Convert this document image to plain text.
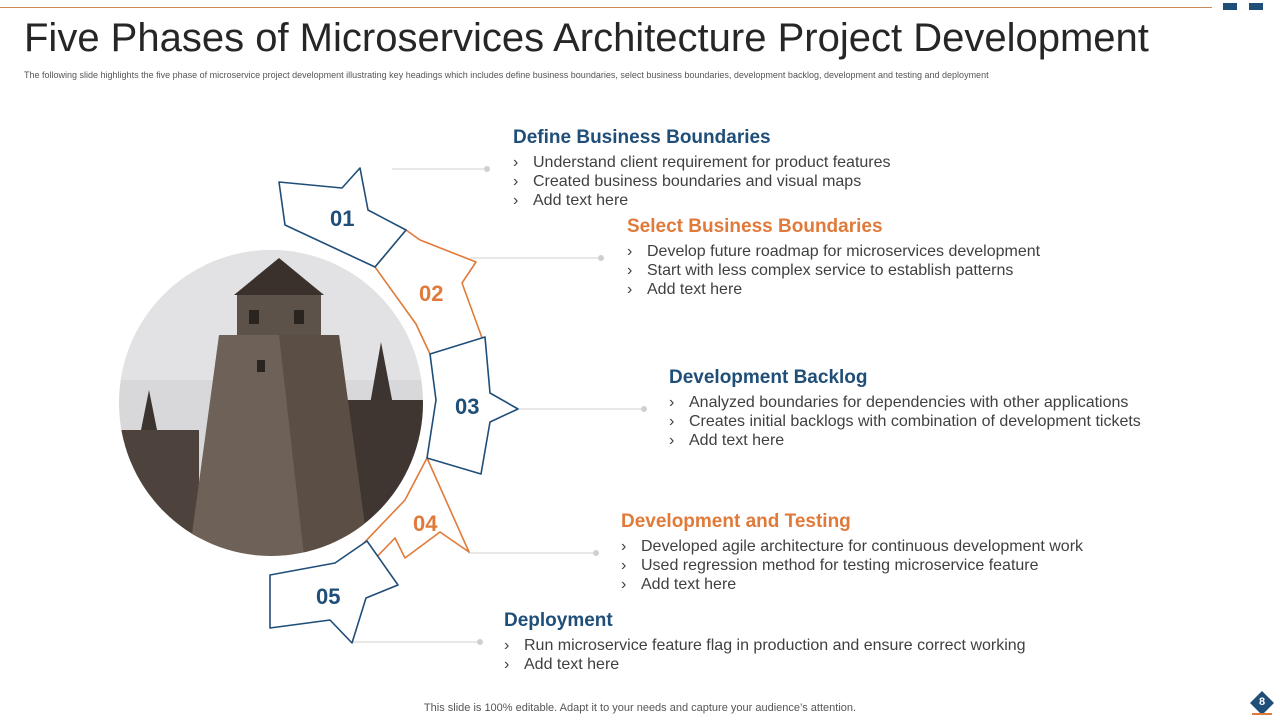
Five Phases of Microservices Architecture Project Development

The following slide highlights the five phase of microservice project development illustrating key headings which includes define business boundaries, select business boundaries, development backlog, development and testing and deployment

01
02
03
04
05
Define Business Boundaries
› Understand client requirement for product features
› Created business boundaries and visual maps
› Add text here
Select Business Boundaries
› Develop future roadmap for microservices development
› Start with less complex service to establish patterns
› Add text here
Development Backlog
› Analyzed boundaries for dependencies with other applications
› Creates initial backlogs with combination of development tickets
› Add text here
Development and Testing
› Developed agile architecture for continuous development work
› Used regression method for testing microservice feature
› Add text here
Deployment
› Run microservice feature flag in production and ensure correct working
› Add text here
This slide is 100% editable. Adapt it to your needs and capture your audience’s attention.	8
